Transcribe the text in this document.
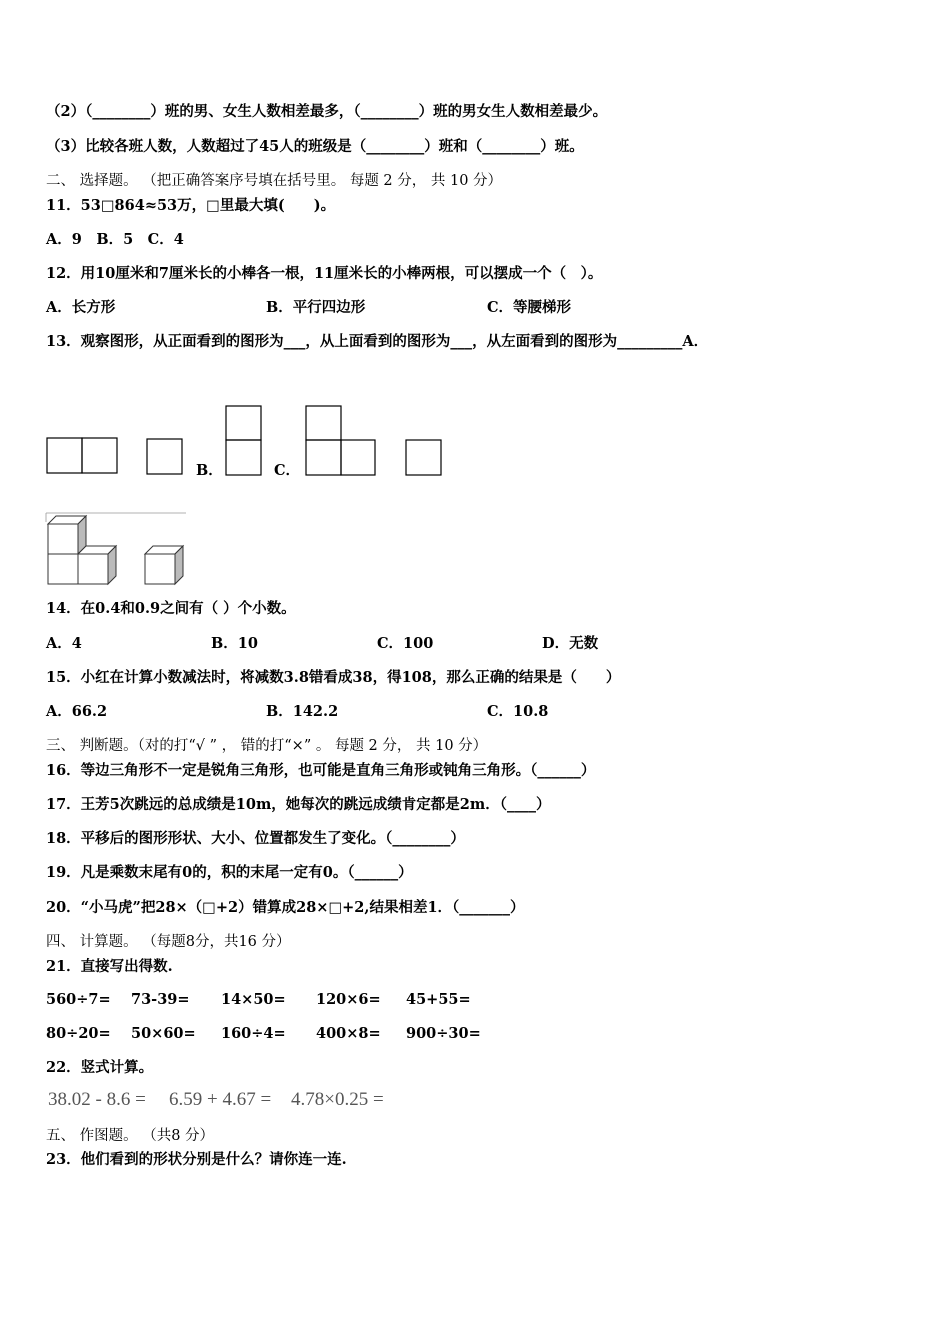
（2）（________）班的男、女生人数相差最多，（________）班的男女生人数相差最少。
（3）比较各班人数，人数超过了45人的班级是（________）班和（________）班。
二、 选择题。 （把正确答案序号填在括号里。 每题 2 分， 共 10 分）
11．53□864≈53万，□里最大填(　　)。
A．9　B．5　C．4
12．用10厘米和7厘米长的小棒各一根，11厘米长的小棒两根，可以摆成一个（　）。
A．长方形	B．平行四边形	C．等腰梯形
13．观察图形，从正面看到的图形为___，从上面看到的图形为___，从左面看到的图形为_________A．
B．	C．
14．在0.4和0.9之间有（ ）个小数。
A．4	B．10	C．100	D．无数
15．小红在计算小数减法时，将减数3.8错看成38，得108，那么正确的结果是（　　）
A．66.2	B．142.2	C．10.8
三、 判断题。（对的打“√ ” ， 错的打“×” 。 每题 2 分， 共 10 分）
16．等边三角形不一定是锐角三角形，也可能是直角三角形或钝角三角形。（______）
17．王芳5次跳远的总成绩是10m，她每次的跳远成绩肯定都是2m．（____）
18．平移后的图形形状、大小、位置都发生了变化。（________）
19．凡是乘数末尾有0的，积的末尾一定有0。（______）
20．“小马虎”把28×（□+2）错算成28×□+2,结果相差1．（_______）
四、 计算题。 （每题8分，共16 分）
21．直接写出得数.
560÷7= 73-39= 14×50= 120×6= 45+55=
80÷20= 50×60= 160÷4= 400×8= 900÷30=
22．竖式计算。
38.02 - 8.6 = 6.59 + 4.67 = 4.78×0.25 =
五、 作图题。 （共8 分）
23．他们看到的形状分别是什么？请你连一连.
